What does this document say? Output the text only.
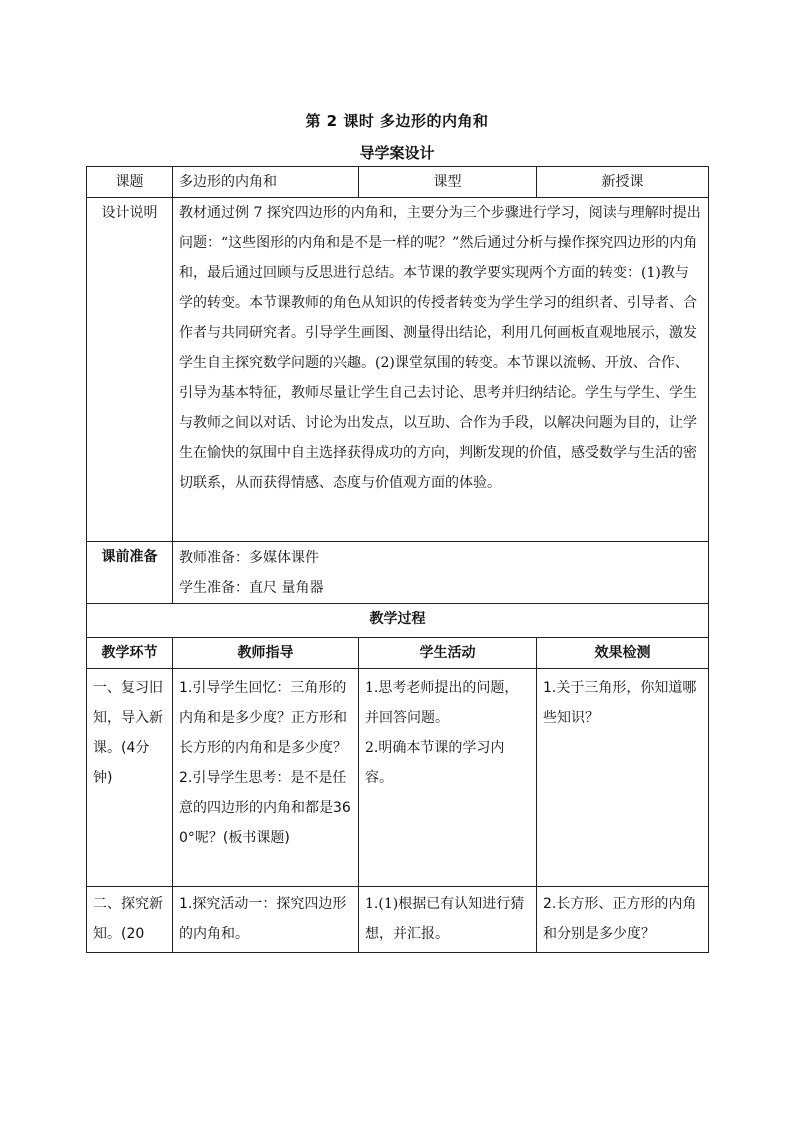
第 2 课时 多边形的内角和
导学案设计
课题	多边形的内角和	课型	新授课
设计说明	教材通过例 7 探究四边形的内角和，主要分为三个步骤进行学习，阅读与理解时提出问题：“这些图形的内角和是不是一样的呢？”然后通过分析与操作探究四边形的内角和，最后通过回顾与反思进行总结。本节课的教学要实现两个方面的转变：(1)教与学的转变。本节课教师的角色从知识的传授者转变为学生学习的组织者、引导者、合作者与共同研究者。引导学生画图、测量得出结论，利用几何画板直观地展示，激发学生自主探究数学问题的兴趣。(2)课堂氛围的转变。本节课以流畅、开放、合作、引导为基本特征，教师尽量让学生自己去讨论、思考并归纳结论。学生与学生、学生与教师之间以对话、讨论为出发点，以互助、合作为手段，以解决问题为目的，让学生在愉快的氛围中自主选择获得成功的方向，判断发现的价值，感受数学与生活的密切联系，从而获得情感、态度与价值观方面的体验。		
课前准备	教师准备：多媒体课件
学生准备：直尺 量角器		

教学过程			
教学环节	教师指导	学生活动	效果检测
一、复习旧知，导入新课。(4分钟)	1.引导学生回忆：三角形的内角和是多少度？正方形和长方形的内角和是多少度？
2.引导学生思考：是不是任意的四边形的内角和都是360°呢？(板书课题)	1.思考老师提出的问题，并回答问题。
2.明确本节课的学习内容。	1.关于三角形，你知道哪些知识？
二、探究新知。(20	1.探究活动一：探究四边形的内角和。	1.(1)根据已有认知进行猜想，并汇报。	2.长方形、正方形的内角和分别是多少度？
